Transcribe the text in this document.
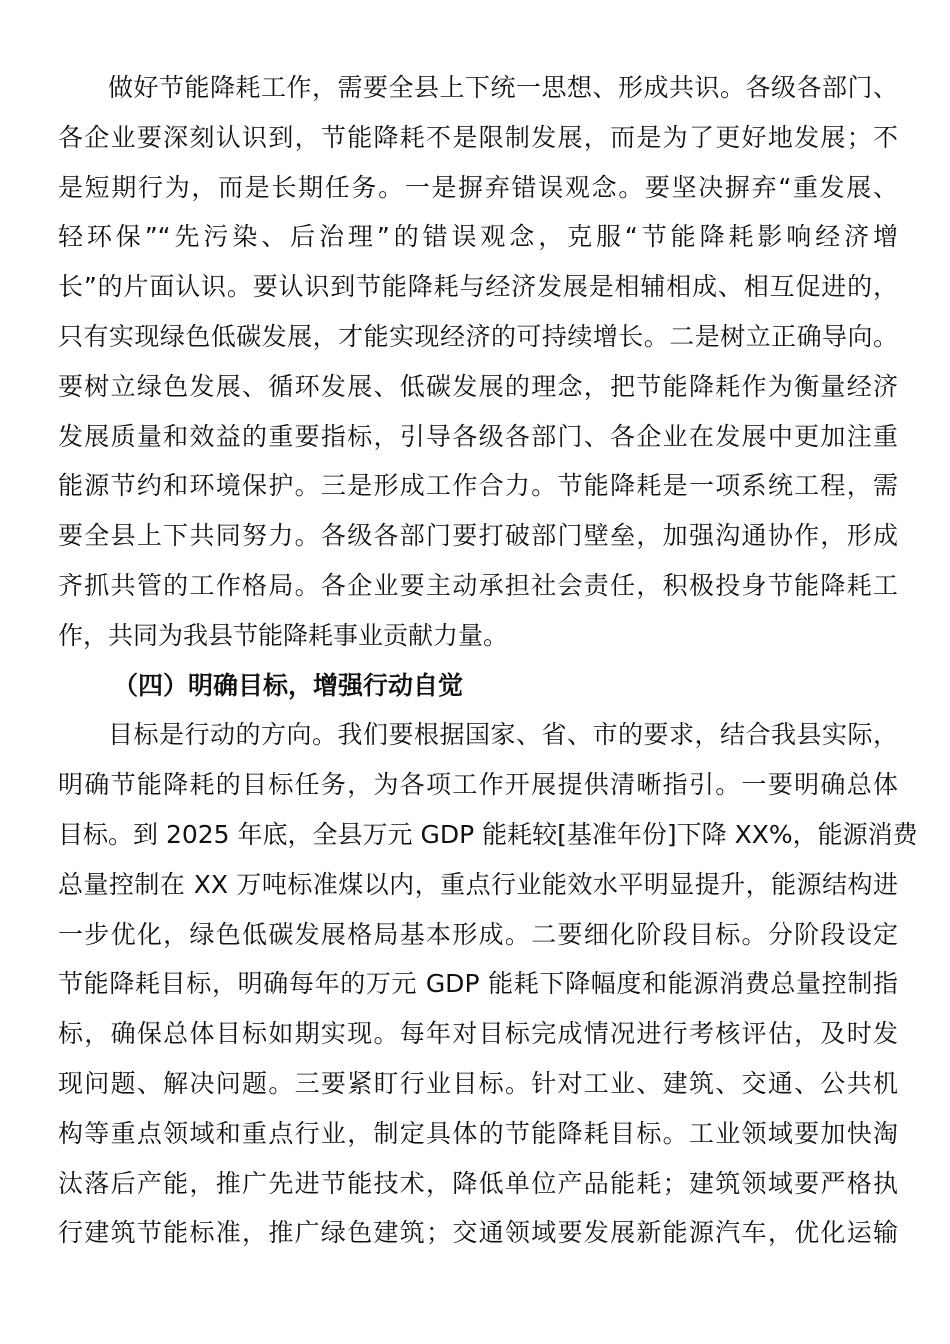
做好节能降耗工作，需要全县上下统一思想、形成共识。各级各部门、
各企业要深刻认识到，节能降耗不是限制发展，而是为了更好地发展；不
是短期行为，而是长期任务。一是摒弃错误观念。要坚决摒弃“重发展、
轻环保”“先污染、后治理”的错误观念，克服“节能降耗影响经济增
长”的片面认识。要认识到节能降耗与经济发展是相辅相成、相互促进的，
只有实现绿色低碳发展，才能实现经济的可持续增长。二是树立正确导向。
要树立绿色发展、循环发展、低碳发展的理念，把节能降耗作为衡量经济
发展质量和效益的重要指标，引导各级各部门、各企业在发展中更加注重
能源节约和环境保护。三是形成工作合力。节能降耗是一项系统工程，需
要全县上下共同努力。各级各部门要打破部门壁垒，加强沟通协作，形成
齐抓共管的工作格局。各企业要主动承担社会责任，积极投身节能降耗工
作，共同为我县节能降耗事业贡献力量。
（四）明确目标，增强行动自觉
目标是行动的方向。我们要根据国家、省、市的要求，结合我县实际，
明确节能降耗的目标任务，为各项工作开展提供清晰指引。一要明确总体
目标。到 2025 年底，全县万元 GDP 能耗较[基准年份]下降 XX%，能源消费
总量控制在 XX 万吨标准煤以内，重点行业能效水平明显提升，能源结构进
一步优化，绿色低碳发展格局基本形成。二要细化阶段目标。分阶段设定
节能降耗目标，明确每年的万元 GDP 能耗下降幅度和能源消费总量控制指
标，确保总体目标如期实现。每年对目标完成情况进行考核评估，及时发
现问题、解决问题。三要紧盯行业目标。针对工业、建筑、交通、公共机
构等重点领域和重点行业，制定具体的节能降耗目标。工业领域要加快淘
汰落后产能，推广先进节能技术，降低单位产品能耗；建筑领域要严格执
行建筑节能标准，推广绿色建筑；交通领域要发展新能源汽车，优化运输
